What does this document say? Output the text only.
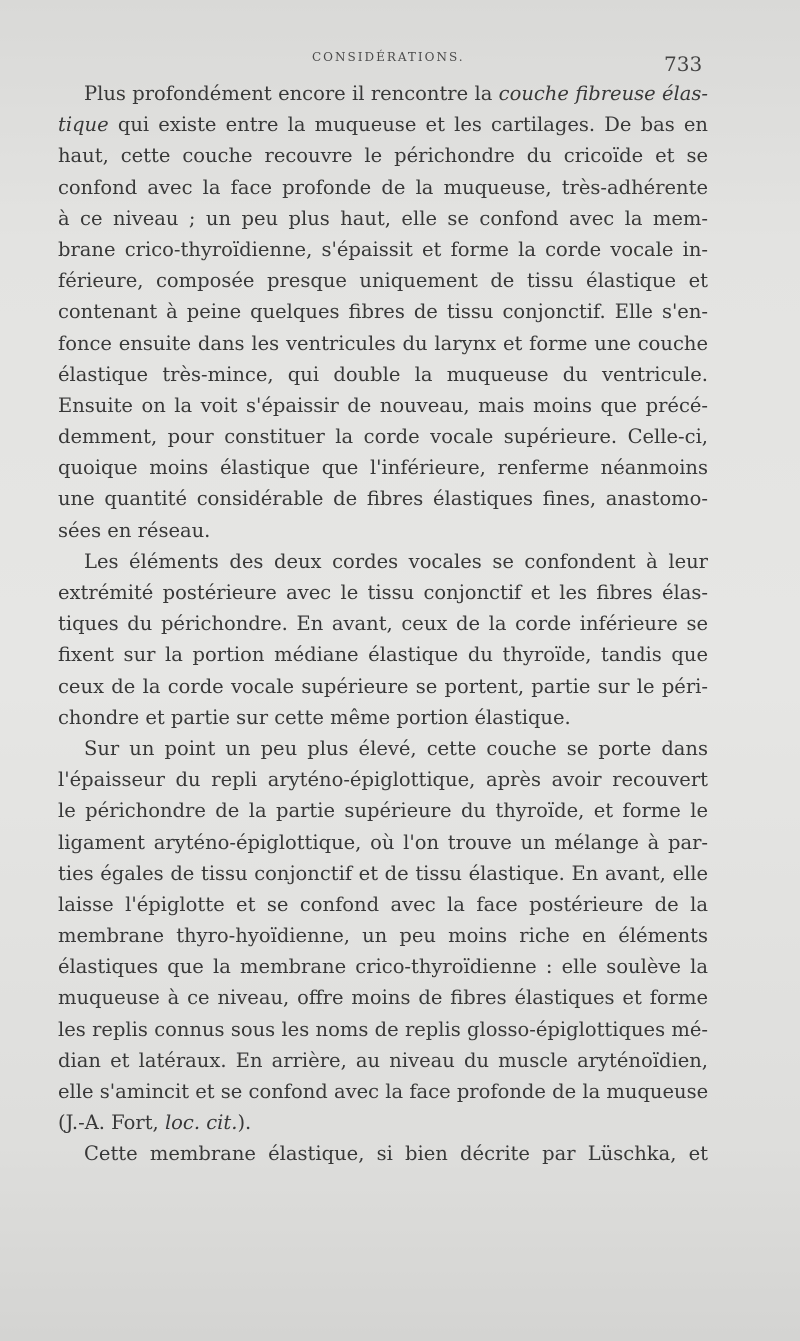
CONSIDÉRATIONS.	733
Plus profondément encore il rencontre la couche fibreuse élas-
tique qui existe entre la muqueuse et les cartilages. De bas en
haut, cette couche recouvre le périchondre du cricoïde et se
confond avec la face profonde de la muqueuse, très-adhérente
à ce niveau ; un peu plus haut, elle se confond avec la mem-
brane crico-thyroïdienne, s'épaissit et forme la corde vocale in-
férieure, composée presque uniquement de tissu élastique et
contenant à peine quelques fibres de tissu conjonctif. Elle s'en-
fonce ensuite dans les ventricules du larynx et forme une couche
élastique très-mince, qui double la muqueuse du ventricule.
Ensuite on la voit s'épaissir de nouveau, mais moins que précé-
demment, pour constituer la corde vocale supérieure. Celle-ci,
quoique moins élastique que l'inférieure, renferme néanmoins
une quantité considérable de fibres élastiques fines, anastomo-
sées en réseau.
Les éléments des deux cordes vocales se confondent à leur
extrémité postérieure avec le tissu conjonctif et les fibres élas-
tiques du périchondre. En avant, ceux de la corde inférieure se
fixent sur la portion médiane élastique du thyroïde, tandis que
ceux de la corde vocale supérieure se portent, partie sur le péri-
chondre et partie sur cette même portion élastique.
Sur un point un peu plus élevé, cette couche se porte dans
l'épaisseur du repli aryténo-épiglottique, après avoir recouvert
le périchondre de la partie supérieure du thyroïde, et forme le
ligament aryténo-épiglottique, où l'on trouve un mélange à par-
ties égales de tissu conjonctif et de tissu élastique. En avant, elle
laisse l'épiglotte et se confond avec la face postérieure de la
membrane thyro-hyoïdienne, un peu moins riche en éléments
élastiques que la membrane crico-thyroïdienne : elle soulève la
muqueuse à ce niveau, offre moins de fibres élastiques et forme
les replis connus sous les noms de replis glosso-épiglottiques mé-
dian et latéraux. En arrière, au niveau du muscle aryténoïdien,
elle s'amincit et se confond avec la face profonde de la muqueuse
(J.-A. Fort, loc. cit.).
Cette membrane élastique, si bien décrite par Lüschka, et
